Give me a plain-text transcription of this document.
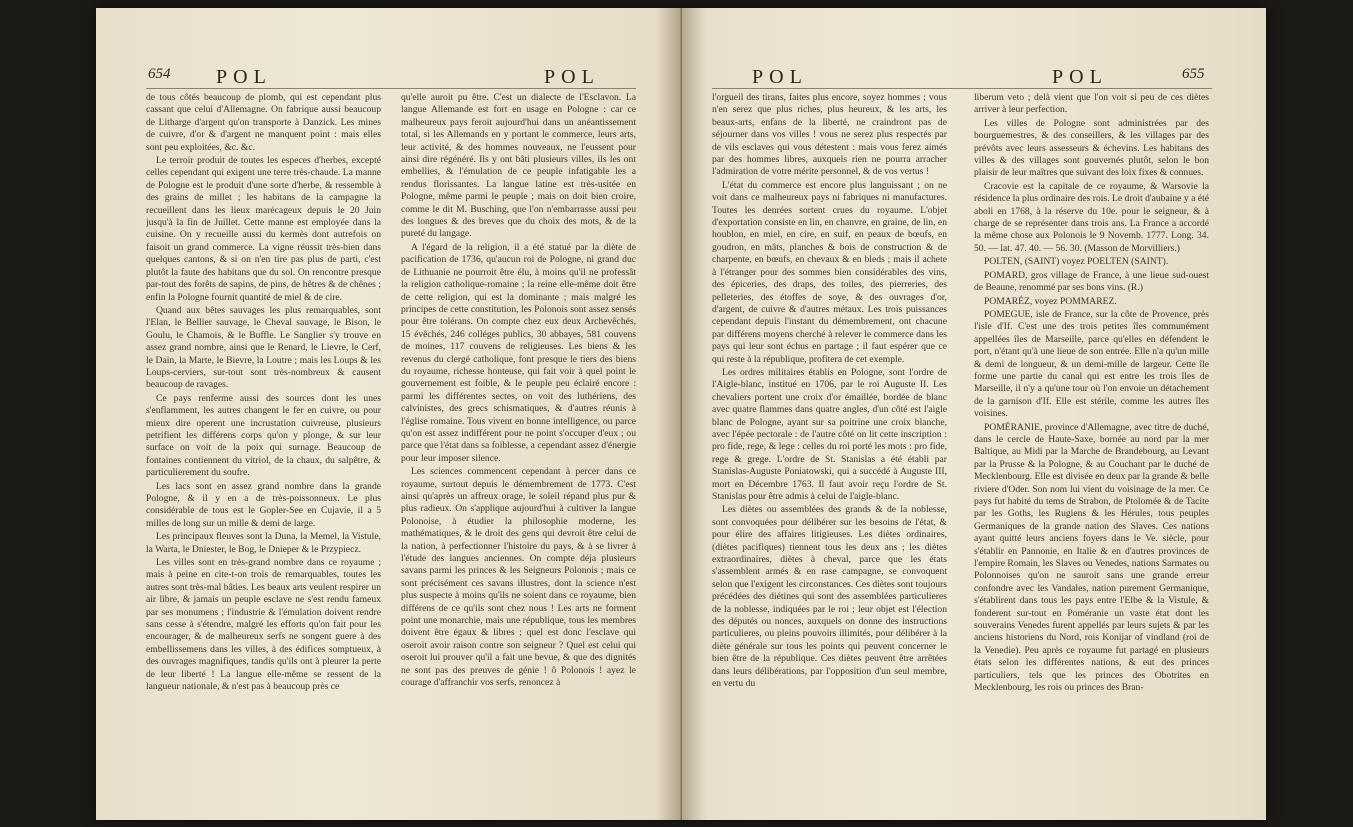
654 POL	POL

de tous côtés beaucoup de plomb, qui est cependant plus cassant que celui d'Allemagne. On fabrique aussi beaucoup de Litharge d'argent qu'on transporte à Danzick. Les mines de cuivre, d'or & d'argent ne manquent point : mais elles sont peu exploitées, &c. &c.

Le terroir produit de toutes les especes d'herbes, excepté celles cependant qui exigent une terre très-chaude. La manne de Pologne est le produit d'une sorte d'herbe, & ressemble à des grains de millet ; les habitans de la campagne la recueillent dans les lieux marécageux depuis le 20 Juin jusqu'à la fin de Juillet. Cette manne est employée dans la cuisine. On y recueille aussi du kermès dont autrefois on faisoit un grand commerce. La vigne réussit très-bien dans quelques cantons, & si on n'en tire pas plus de parti, c'est plutôt la faute des habitans que du sol. On rencontre presque par-tout des forêts de sapins, de pins, de hêtres & de chênes ; enfin la Pologne fournit quantité de miel & de cire.

Quand aux bêtes sauvages les plus remarquables, sont l'Elan, le Bellier sauvage, le Cheval sauvage, le Bison, le Goulu, le Chamois, & le Buffle. Le Sanglier s'y trouve en assez grand nombre, ainsi que le Renard, le Lievre, le Cerf, le Dain, la Marte, le Bievre, la Loutre ; mais les Loups & les Loups-cerviers, sur-tout sont très-nombreux & causent beaucoup de ravages.

Ce pays renferme aussi des sources dont les unes s'enflamment, les autres changent le fer en cuivre, ou pour mieux dire operent une incrustation cuivreuse, plusieurs petrifient les différens corps qu'on y plonge, & sur leur surface on voit de la poix qui surnage. Beaucoup de fontaines contiennent du vitriol, de la chaux, du salpêtre, & particulierement du soufre.

Les lacs sont en assez grand nombre dans la grande Pologne, & il y en a de très-poissonneux. Le plus considérable de tous est le Gopler-See en Cujavie, il a 5 milles de long sur un mille & demi de large.

Les principaux fleuves sont la Duna, la Memel, la Vistule, la Warta, le Dniester, le Bog, le Dnieper & le Przypiecz.

Les villes sont en très-grand nombre dans ce royaume ; mais à peine en cite-t-on trois de remarquables, toutes les autres sont très-mal bâties. Les beaux arts veulent respirer un air libre, & jamais un peuple esclave ne s'est rendu fameux par ses monumens ; l'industrie & l'émulation doivent rendre sans cesse à s'étendre, malgré les efforts qu'on fait pour les encourager, & de malheureux serfs ne songent guere à des embellissemens dans les villes, à des édifices somptueux, à des ouvrages magnifiques, tandis qu'ils ont à pleurer la perte de leur liberté ! La langue elle-même se ressent de la langueur nationale, & n'est pas à beaucoup près ce

qu'elle auroit pu être. C'est un dialecte de l'Esclavon. La langue Allemande est fort en usage en Pologne : car ce malheureux pays feroit aujourd'hui dans un anéantissement total, si les Allemands en y portant le commerce, leurs arts, leur activité, & des hommes nouveaux, ne l'eussent pour ainsi dire régénéré. Ils y ont bâti plusieurs villes, ils les ont embellies, & l'émulation de ce peuple infatigable les a rendus florissantes. La langue latine est très-usitée en Pologne, même parmi le peuple ; mais on doit bien croire, comme le dit M. Busching, que l'on n'embarrasse aussi peu des longues & des breves que du choix des mots, & de la pureté du langage.

A l'égard de la religion, il a été statué par la diète de pacification de 1736, qu'aucun roi de Pologne, ni grand duc de Lithuanie ne pourroit être élu, à moins qu'il ne professât la religion catholique-romaine ; la reine elle-même doit être de cette religion, qui est la dominante ; mais malgré les principes de cette constitution, les Polonois sont assez sensés pour être tolérans. On compte chez eux deux Archevêchés, 15 évêchés, 246 colléges publics, 30 abbayes, 581 couvens de moines, 117 couvens de religieuses. Les biens & les revenus du clergé catholique, font presque le tiers des biens du royaume, richesse honteuse, qui fait voir à quel point le gouvernement est foible, & le peuple peu éclairé encore : parmi les différentes sectes, on voit des luthériens, des calvinistes, des grecs schismatiques, & d'autres réunis à l'église romaine. Tous vivent en bonne intelligence, ou parce qu'on est assez indifférent pour ne point s'occuper d'eux ; ou parce que l'état dans sa foiblesse, a cependant assez d'énergie pour leur imposer silence.

Les sciences commencent cependant à percer dans ce royaume, surtout depuis le démembrement de 1773. C'est ainsi qu'après un affreux orage, le soleil répand plus pur & plus radieux. On s'applique aujourd'hui à cultiver la langue Polonoise, à étudier la philosophie moderne, les mathématiques, & le droit des gens qui devroit être celui de la nation, à perfectionner l'histoire du pays, & à se livrer à l'étude des langues anciennes. On compte déja plusieurs savans parmi les princes & les Seigneurs Polonois ; mais ce sont précisément ces savans illustres, dont la science n'est plus suspecte à moins qu'ils ne soient dans ce royaume, bien différens de ce qu'ils sont chez nous ! Les arts ne forment point une monarchie, mais une république, tous les membres doivent être égaux & libres ; quel est donc l'esclave qui oseroit avoir raison contre son seigneur ? Quel est celui qui oseroit lui prouver qu'il a fait une bevue, & que des dignités ne sont pas des preuves de génie ! ô Polonois ! ayez le courage d'affranchir vos serfs, renoncez à

POL	POL	655

l'orgueil des tirans, faites plus encore, soyez hommes ; vous n'en serez que plus riches, plus heureux, & les arts, les beaux-arts, enfans de la liberté, ne craindront pas de séjourner dans vos villes ! vous ne serez plus respectés par de vils esclaves qui vous détestent : mais vous ferez aimés par des hommes libres, auxquels rien ne pourra arracher l'admiration de votre mérite personnel, & de vos vertus !

L'état du commerce est encore plus languissant ; on ne voit dans ce malheureux pays ni fabriques ni manufactures. Toutes les denrées sortent crues du royaume. L'objet d'exportation consiste en lin, en chanvre, en graine, de lin, en houblon, en miel, en cire, en suif, en peaux de bœufs, en goudron, en mâts, planches & bois de construction & de charpente, en bœufs, en chevaux & en bleds ; mais il achete à l'étranger pour des sommes bien considérables des vins, des épiceries, des draps, des toiles, des pierreries, des pelleteries, des étoffes de soye, & des ouvrages d'or, d'argent, de cuivre & d'autres métaux. Les trois puissances cependant depuis l'instant du démembrement, ont chacune par différens moyens cherché à relever le commerce dans les pays qui leur sont échus en partage ; il faut espérer que ce qui reste à la république, profitera de cet exemple.

Les ordres militaires établis en Pologne, sont l'ordre de l'Aigle-blanc, institué en 1706, par le roi Auguste II. Les chevaliers portent une croix d'or émaillée, bordée de blanc avec quatre flammes dans quatre angles, d'un côté est l'aigle blanc de Pologne, ayant sur sa poitrine une croix blanche, avec l'épée pectorale : de l'autre côté on lit cette inscription : pro fide, rege, & lege : celles du roi porté les mots : pro fide, rege & grege. L'ordre de St. Stanislas a été établi par Stanislas-Auguste Poniatowski, qui a succédé à Auguste III, mort en Décembre 1763. Il faut avoir reçu l'ordre de St. Stanislas pour être admis à celui de l'aigle-blanc.

Les diètes ou assemblées des grands & de la noblesse, sont convoquées pour délibérer sur les besoins de l'état, & pour élire des affaires litigieuses. Les diètes ordinaires, (diètes pacifiques) tiennent tous les deux ans ; les diètes extraordinaires, diètes à cheval, parce que les états s'assemblent armés & en rase campagne, se convoquent selon que l'exigent les circonstances. Ces diètes sont toujours précédées des diétines qui sont des assemblées particulieres de la noblesse, indiquées par le roi ; leur objet est l'élection des députés ou nonces, auxquels on donne des instructions particulieres, ou pleins pouvoirs illimités, pour délibérer à la diète générale sur tous les points qui peuvent concerner le bien être de la république. Ces diètes peuvent être arrêtées dans leurs délibérations, par l'opposition d'un seul membre, en vertu du

liberum veto ; delà vient que l'on voit si peu de ces diètes arriver à leur perfection.

Les villes de Pologne sont administrées par des bourguemestres, & des conseillers, & les villages par des prévôts avec leurs assesseurs & échevins. Les habitans des villes & des villages sont gouvernés plutôt, selon le bon plaisir de leur maîtres que suivant des loix fixes & connues.

Cracovie est la capitale de ce royaume, & Warsovie la résidence la plus ordinaire des rois. Le droit d'aubaine y a été aboli en 1768, à la réserve du 10e. pour le seigneur, & à charge de se représenter dans trois ans. La France a accordé la même chose aux Polonois le 9 Novemb. 1777. Long. 34. 50. — lat. 47. 40. — 56. 30. (Masson de Morvilliers.)

POLTEN, (SAINT) voyez POELTEN (SAINT).

POMARD, gros village de France, à une lieue sud-ouest de Beaune, renommé par ses bons vins. (R.)

POMARÉZ, voyez POMMAREZ.

POMEGUE, isle de France, sur la côte de Provence, près l'isle d'If. C'est une des trois petites îles communément appellées îles de Marseille, parce qu'elles en défendent le port, n'étant qu'à une lieue de son entrée. Elle n'a qu'un mille & demi de longueur, & un demi-mille de largeur. Cette île forme une partie du canal qui est entre les trois îles de Marseille, il n'y a qu'une tour où l'on envoie un détachement de la garnison d'If. Elle est stérile, comme les autres îles voisines.

POMÉRANIE, province d'Allemagne, avec titre de duché, dans le cercle de Haute-Saxe, bornée au nord par la mer Baltique, au Midi par la Marche de Brandebourg, au Levant par la Prusse & la Pologne, & au Couchant par le duché de Mecklenbourg. Elle est divisée en deux par la grande & belle riviere d'Oder. Son nom lui vient du voisinage de la mer. Ce pays fut habité du tems de Strabon, de Ptolomée & de Tacite par les Goths, les Rugiens & les Hérules, tous peuples Germaniques de la grande nation des Slaves. Ces nations ayant quitté leurs anciens foyers dans le Ve. siècle, pour s'établir en Pannonie, en Italie & en d'autres provinces de l'empire Romain, les Slaves ou Venedes, nations Sarmates ou Polonnoises qu'on ne sauroit sans une grande erreur confondre avec les Vandales, nation purement Germanique, s'établirent dans tous les pays entre l'Elbe & la Vistule, & fonderent sur-tout en Poméranie un vaste état dont les souverains Venedes furent appellés par leurs sujets & par les anciens historiens du Nord, rois Konijar of vindland (roi de la Venedie). Peu après ce royaume fut partagé en plusieurs états selon les différentes nations, & eut des princes particuliers, tels que les princes des Obotrites en Mecklenbourg, les rois ou princes des Bran-
